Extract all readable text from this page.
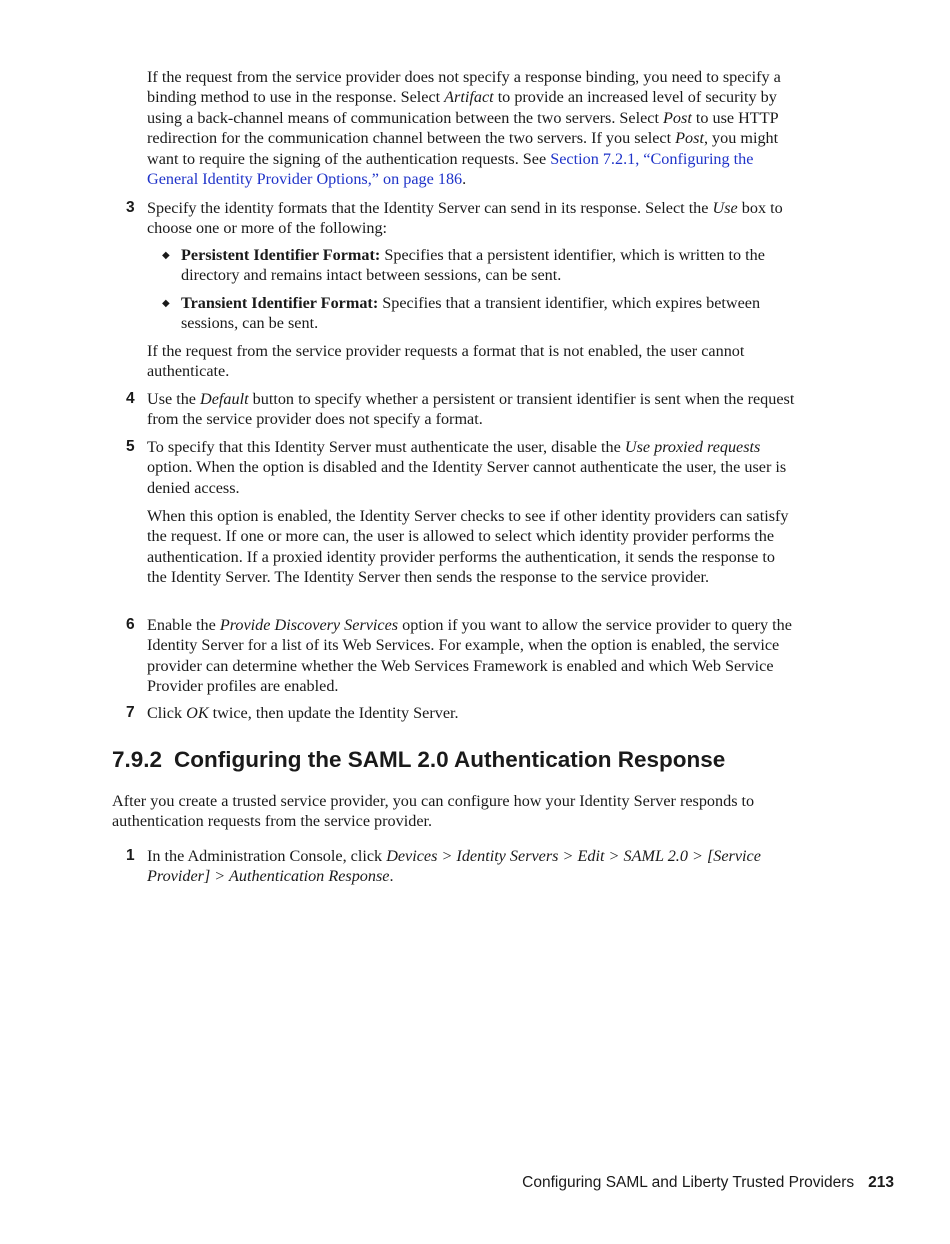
If the request from the service provider does not specify a response binding, you need to specify a binding method to use in the response. Select Artifact to provide an increased level of security by using a back-channel means of communication between the two servers. Select Post to use HTTP redirection for the communication channel between the two servers. If you select Post, you might want to require the signing of the authentication requests. See Section 7.2.1, “Configuring the General Identity Provider Options,” on page 186.

3 Specify the identity formats that the Identity Server can send in its response. Select the Use box to choose one or more of the following:

◆ Persistent Identifier Format: Specifies that a persistent identifier, which is written to the directory and remains intact between sessions, can be sent.

◆ Transient Identifier Format: Specifies that a transient identifier, which expires between sessions, can be sent.

If the request from the service provider requests a format that is not enabled, the user cannot authenticate.

4 Use the Default button to specify whether a persistent or transient identifier is sent when the request from the service provider does not specify a format.

5 To specify that this Identity Server must authenticate the user, disable the Use proxied requests option. When the option is disabled and the Identity Server cannot authenticate the user, the user is denied access.

When this option is enabled, the Identity Server checks to see if other identity providers can satisfy the request. If one or more can, the user is allowed to select which identity provider performs the authentication. If a proxied identity provider performs the authentication, it sends the response to the Identity Server. The Identity Server then sends the response to the service provider.

6 Enable the Provide Discovery Services option if you want to allow the service provider to query the Identity Server for a list of its Web Services. For example, when the option is enabled, the service provider can determine whether the Web Services Framework is enabled and which Web Service Provider profiles are enabled.

7 Click OK twice, then update the Identity Server.

7.9.2 Configuring the SAML 2.0 Authentication Response

After you create a trusted service provider, you can configure how your Identity Server responds to authentication requests from the service provider.

1 In the Administration Console, click Devices > Identity Servers > Edit > SAML 2.0 > [Service Provider] > Authentication Response.

Configuring SAML and Liberty Trusted Providers 213
